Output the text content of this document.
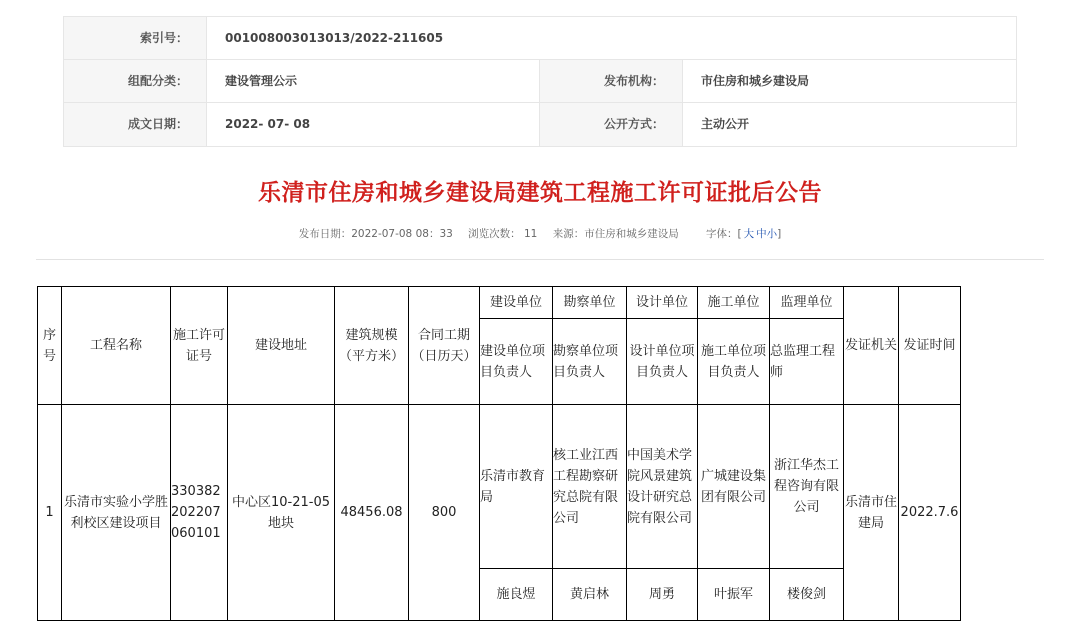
索引号：	001008003013013/2022-211605
组配分类：	建设管理公示	发布机构：	市住房和城乡建设局
成文日期：	2022- 07- 08	公开方式：	主动公开
乐清市住房和城乡建设局建筑工程施工许可证批后公告
发布日期：2022-07-08 08：33 浏览次数： 11 来源：市住房和城乡建设局	字体：[ 大 中小]
序号	工程名称	施工许可证号	建设地址	建筑规模（平方米）	合同工期（日历天）	建设单位	勘察单位	设计单位	施工单位	监理单位	发证机关	发证时间
						建设单位项目负责人	勘察单位项目负责人	设计单位项目负责人	施工单位项目负责人	总监理工程师		
1	乐清市实验小学胜利校区建设项目	330382202207060101	中心区10-21-05地块	48456.08	800	乐清市教育局	核工业江西工程勘察研究总院有限公司	中国美术学院风景建筑设计研究总院有限公司	广城建设集团有限公司	浙江华杰工程咨询有限公司	乐清市住建局	2022.7.6
						施良煜	黄启林	周勇	叶振军	楼俊剑		
